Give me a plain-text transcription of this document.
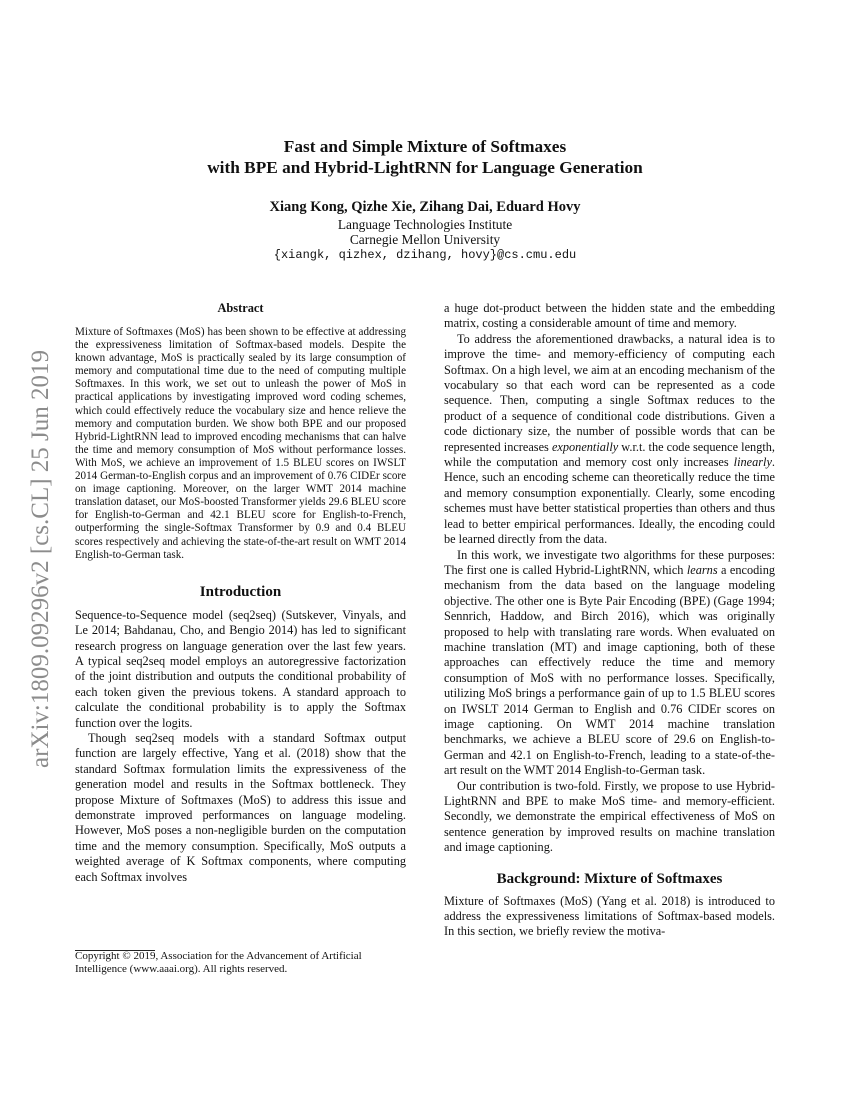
arXiv:1809.09296v2 [cs.CL] 25 Jun 2019

Fast and Simple Mixture of Softmaxes

with BPE and Hybrid-LightRNN for Language Generation

Xiang Kong, Qizhe Xie, Zihang Dai, Eduard Hovy
Language Technologies Institute
Carnegie Mellon University
{xiangk, qizhex, dzihang, hovy}@cs.cmu.edu

Abstract

Mixture of Softmaxes (MoS) has been shown to be effective at addressing the expressiveness limitation of Softmax-based models. Despite the known advantage, MoS is practically sealed by its large consumption of memory and computational time due to the need of computing multiple Softmaxes. In this work, we set out to unleash the power of MoS in practical applications by investigating improved word coding schemes, which could effectively reduce the vocabulary size and hence relieve the memory and computation burden. We show both BPE and our proposed Hybrid-LightRNN lead to improved encoding mechanisms that can halve the time and memory consumption of MoS without performance losses. With MoS, we achieve an improvement of 1.5 BLEU scores on IWSLT 2014 German-to-English corpus and an improvement of 0.76 CIDEr score on image captioning. Moreover, on the larger WMT 2014 machine translation dataset, our MoS-boosted Transformer yields 29.6 BLEU score for English-to-German and 42.1 BLEU score for English-to-French, outperforming the single-Softmax Transformer by 0.9 and 0.4 BLEU scores respectively and achieving the state-of-the-art result on WMT 2014 English-to-German task.

Introduction

Sequence-to-Sequence model (seq2seq) (Sutskever, Vinyals, and Le 2014; Bahdanau, Cho, and Bengio 2014) has led to significant research progress on language generation over the last few years. A typical seq2seq model employs an autoregressive factorization of the joint distribution and outputs the conditional probability of each token given the previous tokens. A standard approach to calculate the conditional probability is to apply the Softmax function over the logits.

Though seq2seq models with a standard Softmax output function are largely effective, Yang et al. (2018) show that the standard Softmax formulation limits the expressiveness of the generation model and results in the Softmax bottleneck. They propose Mixture of Softmaxes (MoS) to address this issue and demonstrate improved performances on language modeling. However, MoS poses a non-negligible burden on the computation time and the memory consumption. Specifically, MoS outputs a weighted average of K Softmax components, where computing each Softmax involves

a huge dot-product between the hidden state and the embedding matrix, costing a considerable amount of time and memory.

To address the aforementioned drawbacks, a natural idea is to improve the time- and memory-efficiency of computing each Softmax. On a high level, we aim at an encoding mechanism of the vocabulary so that each word can be represented as a code sequence. Then, computing a single Softmax reduces to the product of a sequence of conditional code distributions. Given a code dictionary size, the number of possible words that can be represented increases exponentially w.r.t. the code sequence length, while the computation and memory cost only increases linearly. Hence, such an encoding scheme can theoretically reduce the time and memory consumption exponentially. Clearly, some encoding schemes must have better statistical properties than others and thus lead to better empirical performances. Ideally, the encoding could be learned directly from the data.

In this work, we investigate two algorithms for these purposes: The first one is called Hybrid-LightRNN, which learns a encoding mechanism from the data based on the language modeling objective. The other one is Byte Pair Encoding (BPE) (Gage 1994; Sennrich, Haddow, and Birch 2016), which was originally proposed to help with translating rare words. When evaluated on machine translation (MT) and image captioning, both of these approaches can effectively reduce the time and memory consumption of MoS with no performance losses. Specifically, utilizing MoS brings a performance gain of up to 1.5 BLEU scores on IWSLT 2014 German to English and 0.76 CIDEr scores on image captioning. On WMT 2014 machine translation benchmarks, we achieve a BLEU score of 29.6 on English-to-German and 42.1 on English-to-French, leading to a state-of-the-art result on the WMT 2014 English-to-German task.

Our contribution is two-fold. Firstly, we propose to use Hybrid-LightRNN and BPE to make MoS time- and memory-efficient. Secondly, we demonstrate the empirical effectiveness of MoS on sentence generation by improved results on machine translation and image captioning.

Background: Mixture of Softmaxes

Mixture of Softmaxes (MoS) (Yang et al. 2018) is introduced to address the expressiveness limitations of Softmax-based models. In this section, we briefly review the motiva-

Copyright © 2019, Association for the Advancement of Artificial Intelligence (www.aaai.org). All rights reserved.
